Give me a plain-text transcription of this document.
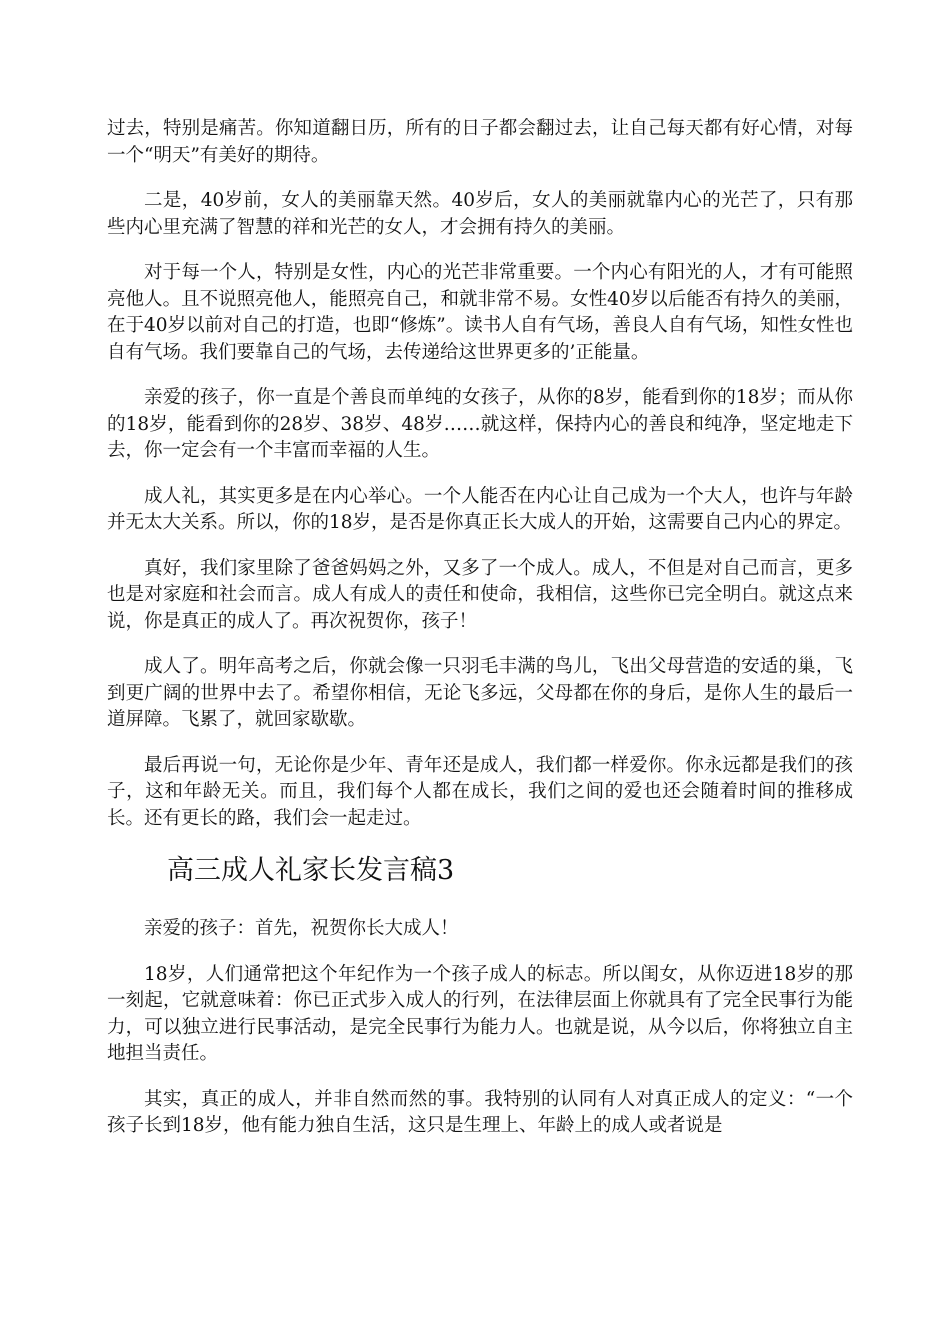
过去，特别是痛苦。你知道翻日历，所有的日子都会翻过去，让自己每天都有好心情，对每一个“明天”有美好的期待。

二是，40岁前，女人的美丽靠天然。40岁后，女人的美丽就靠内心的光芒了，只有那些内心里充满了智慧的祥和光芒的女人，才会拥有持久的美丽。

对于每一个人，特别是女性，内心的光芒非常重要。一个内心有阳光的人，才有可能照亮他人。且不说照亮他人，能照亮自己，和就非常不易。女性40岁以后能否有持久的美丽，在于40岁以前对自己的打造，也即“修炼”。读书人自有气场，善良人自有气场，知性女性也自有气场。我们要靠自己的气场，去传递给这世界更多的’正能量。

亲爱的孩子，你一直是个善良而单纯的女孩子，从你的8岁，能看到你的18岁；而从你的18岁，能看到你的28岁、38岁、48岁……就这样，保持内心的善良和纯净，坚定地走下去，你一定会有一个丰富而幸福的人生。

成人礼，其实更多是在内心举心。一个人能否在内心让自己成为一个大人，也许与年龄并无太大关系。所以，你的18岁，是否是你真正长大成人的开始，这需要自己内心的界定。

真好，我们家里除了爸爸妈妈之外，又多了一个成人。成人，不但是对自己而言，更多也是对家庭和社会而言。成人有成人的责任和使命，我相信，这些你已完全明白。就这点来说，你是真正的成人了。再次祝贺你，孩子！

成人了。明年高考之后，你就会像一只羽毛丰满的鸟儿，飞出父母营造的安适的巢，飞到更广阔的世界中去了。希望你相信，无论飞多远，父母都在你的身后，是你人生的最后一道屏障。飞累了，就回家歇歇。

最后再说一句，无论你是少年、青年还是成人，我们都一样爱你。你永远都是我们的孩子，这和年龄无关。而且，我们每个人都在成长，我们之间的爱也还会随着时间的推移成长。还有更长的路，我们会一起走过。

高三成人礼家长发言稿3

亲爱的孩子：首先，祝贺你长大成人！

18岁，人们通常把这个年纪作为一个孩子成人的标志。所以闺女，从你迈进18岁的那一刻起，它就意味着：你已正式步入成人的行列，在法律层面上你就具有了完全民事行为能力，可以独立进行民事活动，是完全民事行为能力人。也就是说，从今以后，你将独立自主地担当责任。

其实，真正的成人，并非自然而然的事。我特别的认同有人对真正成人的定义：“一个孩子长到18岁，他有能力独自生活，这只是生理上、年龄上的成人或者说是
